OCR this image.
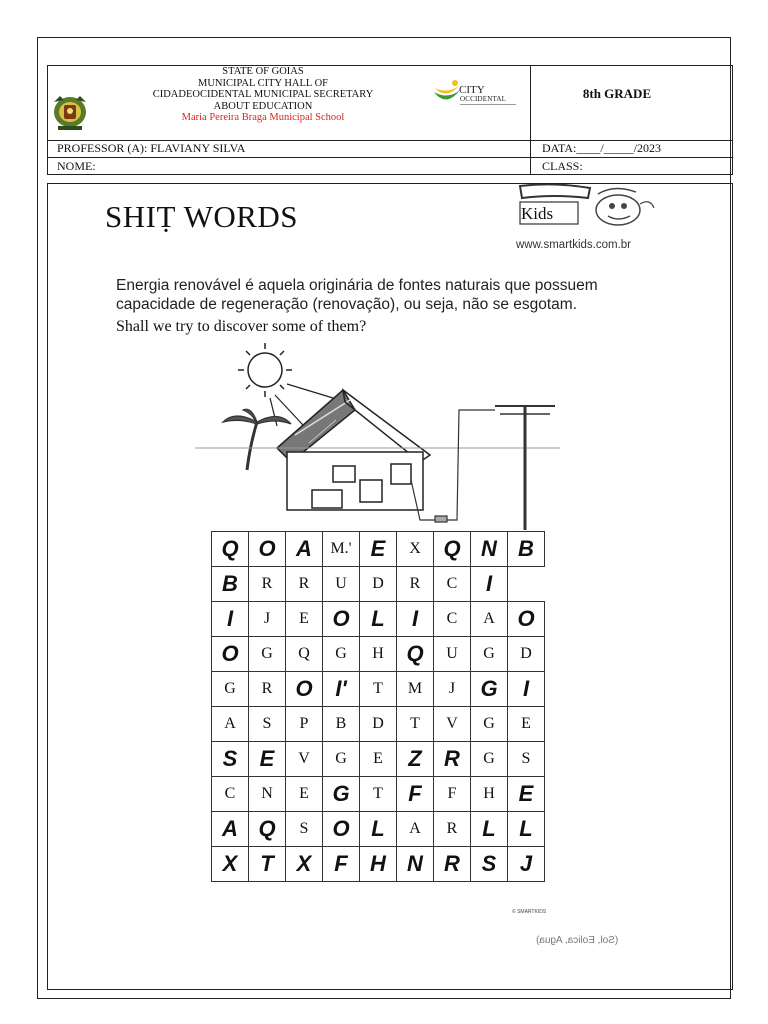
STATE OF GOIAS
MUNICIPAL CITY HALL OF
CIDADEOCIDENTAL MUNICIPAL SECRETARY
ABOUT EDUCATION
Maria Pereira Braga Municipal School
CITY
OCCIDENTAL	8th GRADE
PROFESSOR (A): FLAVIANY SILVA	DATA:____/_____/2023
NOME:	CLASS:
SHIṬ WORDS	Kids
www.smartkids.com.br
Energia renovável é aquela originária de fontes naturais que possuem capacidade de regeneração (renovação), ou seja, não se esgotam.
Shall we try to discover some of them?
Q	O	A	M.'	E	X	Q	N	B
B	R	R	U	D	R	C	I	
I	J	E	O	L	I	C	A	O
O	G	Q	G	H	Q	U	G	D
G	R	O	I'	T	M	J	G	I
A	S	P	B	D	T	V	G	E
S	E	V	G	E	Z	R	G	S
C	N	E	G	T	F	F	H	E
A	Q	S	O	L	A	R	L	L
X	T	X	F	H	N	R	S	J
© SMARTKIDS
(Sol, Eolica, Agua)
